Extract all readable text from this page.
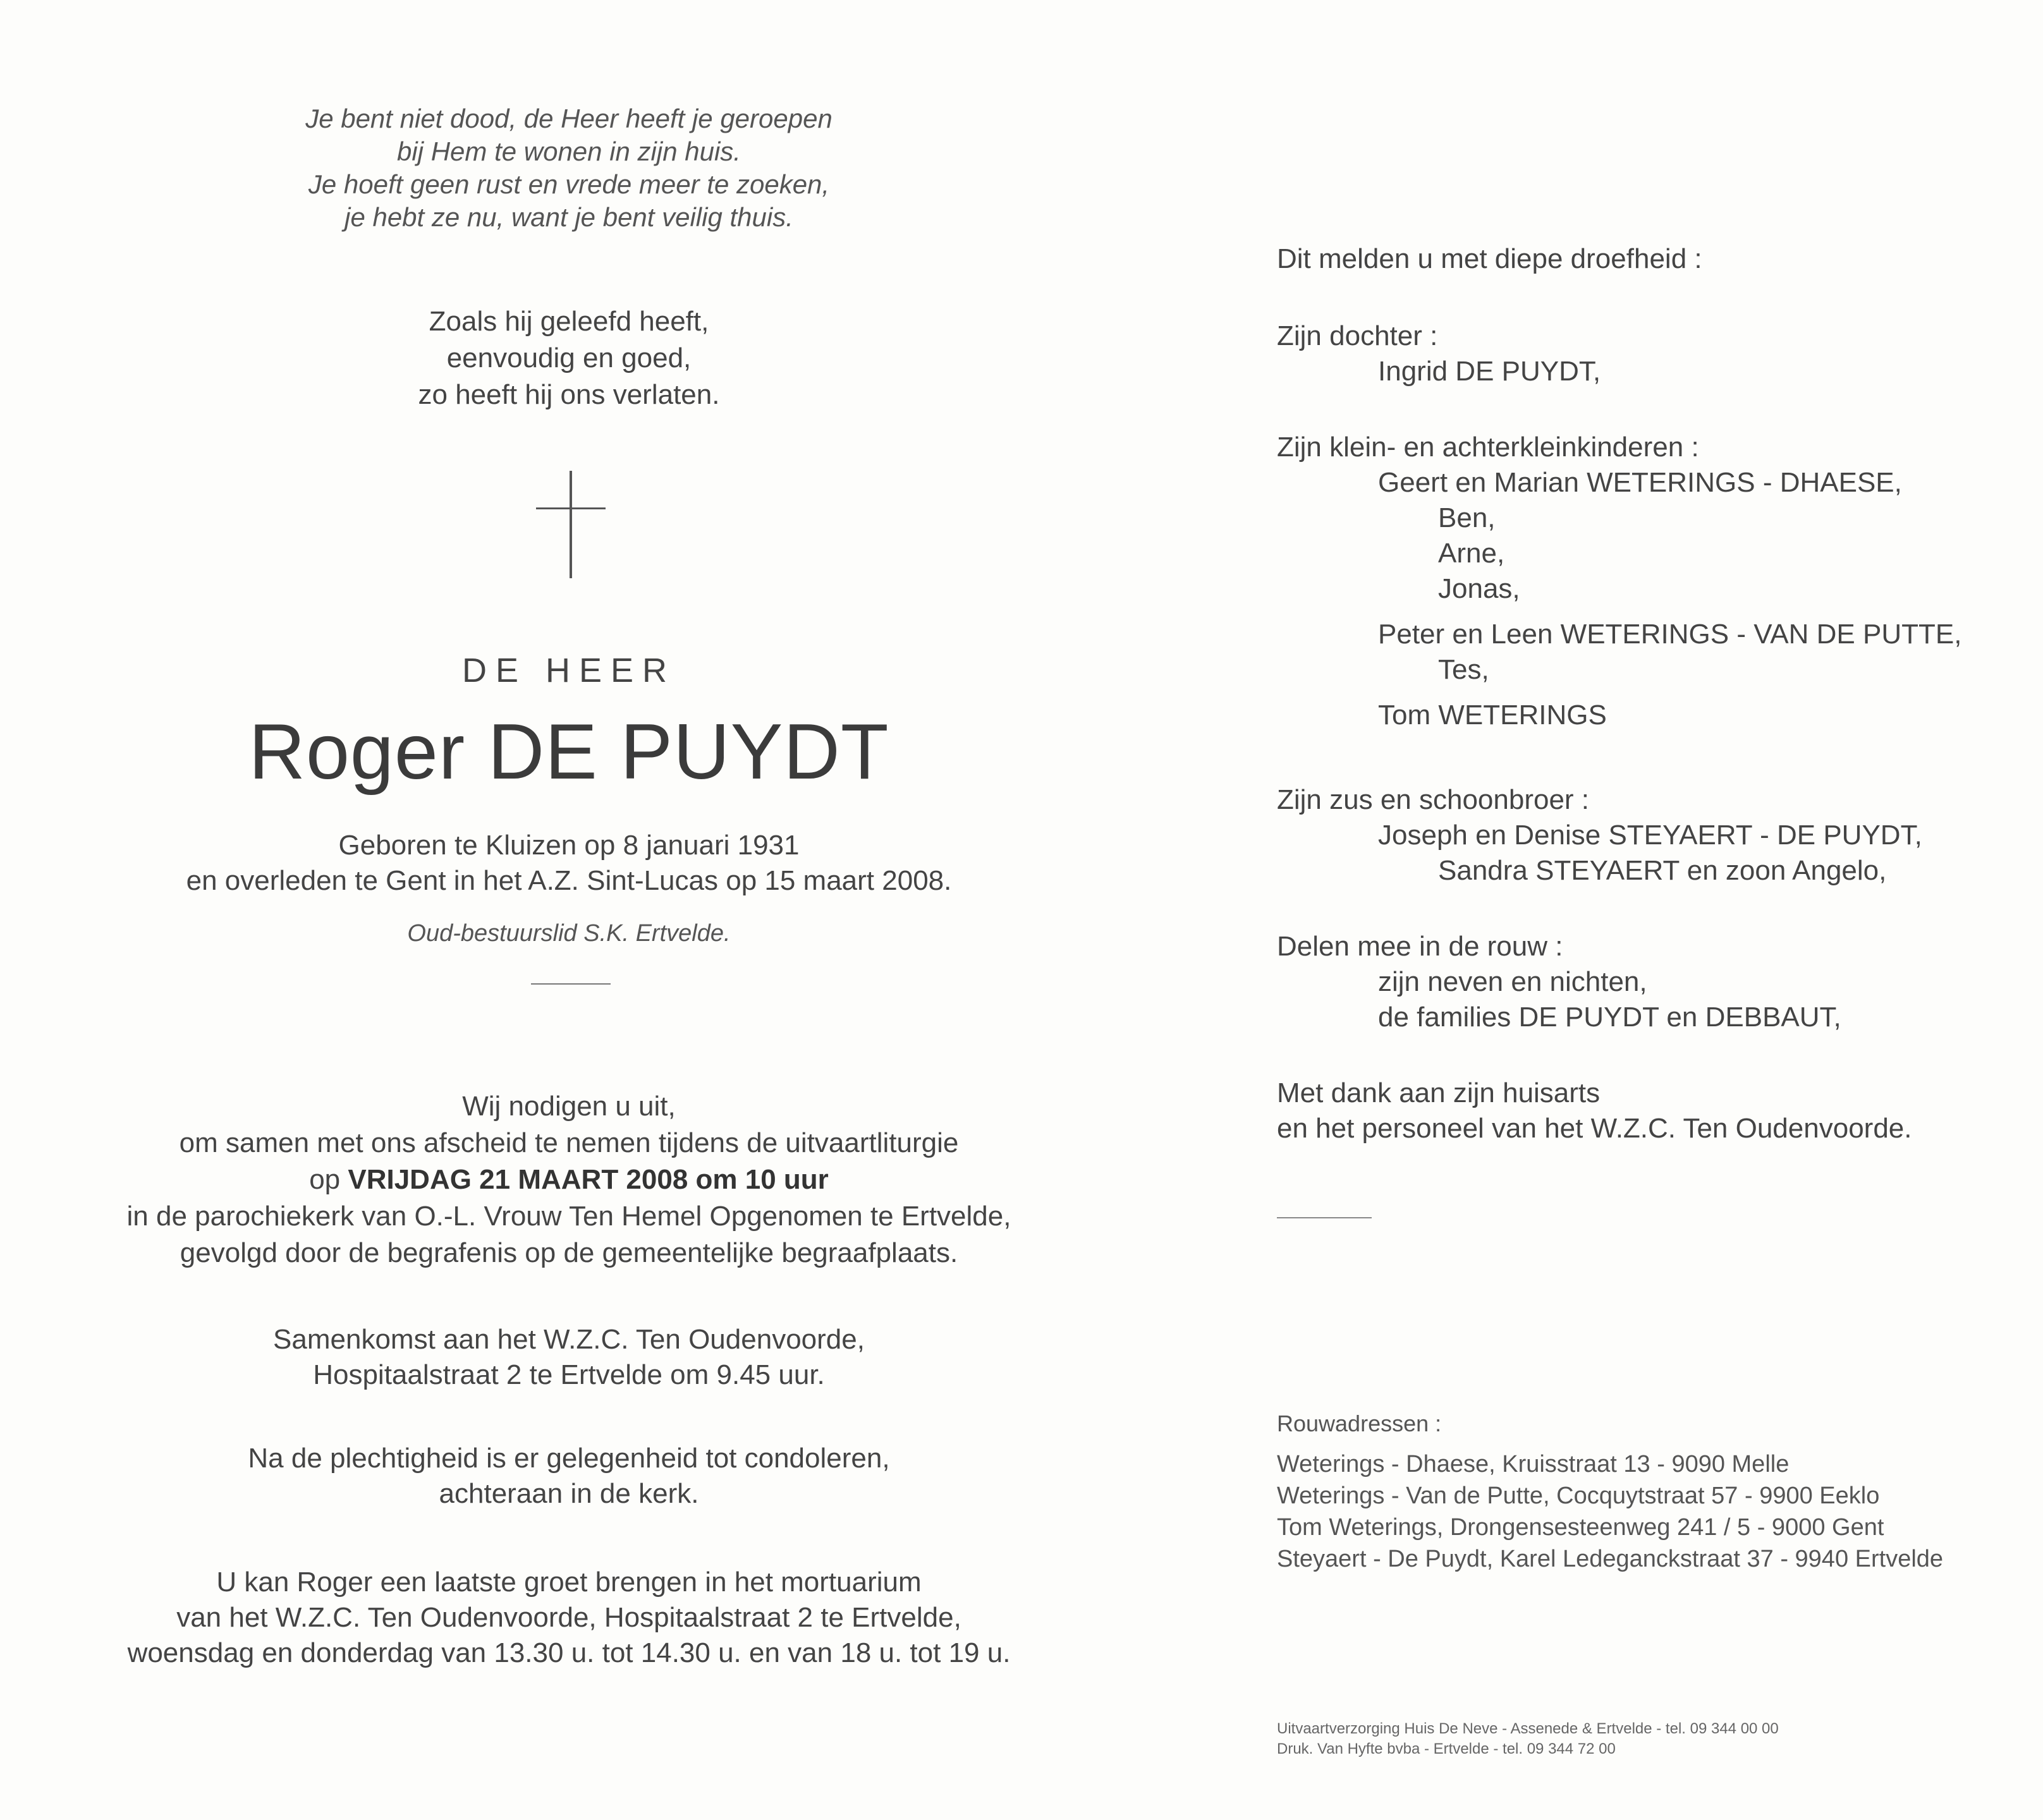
Je bent niet dood, de Heer heeft je geroepen
bij Hem te wonen in zijn huis.
Je hoeft geen rust en vrede meer te zoeken,
je hebt ze nu, want je bent veilig thuis.
Zoals hij geleefd heeft,
eenvoudig en goed,
zo heeft hij ons verlaten.
DE HEER
Roger DE PUYDT
Geboren te Kluizen op 8 januari 1931
en overleden te Gent in het A.Z. Sint-Lucas op 15 maart 2008.
Oud-bestuurslid S.K. Ertvelde.
Wij nodigen u uit,
om samen met ons afscheid te nemen tijdens de uitvaartliturgie
op VRIJDAG 21 MAART 2008 om 10 uur
in de parochiekerk van O.-L. Vrouw Ten Hemel Opgenomen te Ertvelde,
gevolgd door de begrafenis op de gemeentelijke begraafplaats.
Samenkomst aan het W.Z.C. Ten Oudenvoorde,
Hospitaalstraat 2 te Ertvelde om 9.45 uur.
Na de plechtigheid is er gelegenheid tot condoleren,
achteraan in de kerk.
U kan Roger een laatste groet brengen in het mortuarium
van het W.Z.C. Ten Oudenvoorde, Hospitaalstraat 2 te Ertvelde,
woensdag en donderdag van 13.30 u. tot 14.30 u. en van 18 u. tot 19 u.
Dit melden u met diepe droefheid :
Zijn dochter :
Ingrid DE PUYDT,
Zijn klein- en achterkleinkinderen :
Geert en Marian WETERINGS - DHAESE,
Ben,
Arne,
Jonas,
Peter en Leen WETERINGS - VAN DE PUTTE,
Tes,
Tom WETERINGS
Zijn zus en schoonbroer :
Joseph en Denise STEYAERT - DE PUYDT,
Sandra STEYAERT en zoon Angelo,
Delen mee in de rouw :
zijn neven en nichten,
de families DE PUYDT en DEBBAUT,
Met dank aan zijn huisarts
en het personeel van het W.Z.C. Ten Oudenvoorde.
Rouwadressen :
Weterings - Dhaese, Kruisstraat 13 - 9090 Melle
Weterings - Van de Putte, Cocquytstraat 57 - 9900 Eeklo
Tom Weterings, Drongensesteenweg 241 / 5 - 9000 Gent
Steyaert - De Puydt, Karel Ledeganckstraat 37 - 9940 Ertvelde
Uitvaartverzorging Huis De Neve - Assenede & Ertvelde - tel. 09 344 00 00
Druk. Van Hyfte bvba - Ertvelde - tel. 09 344 72 00
